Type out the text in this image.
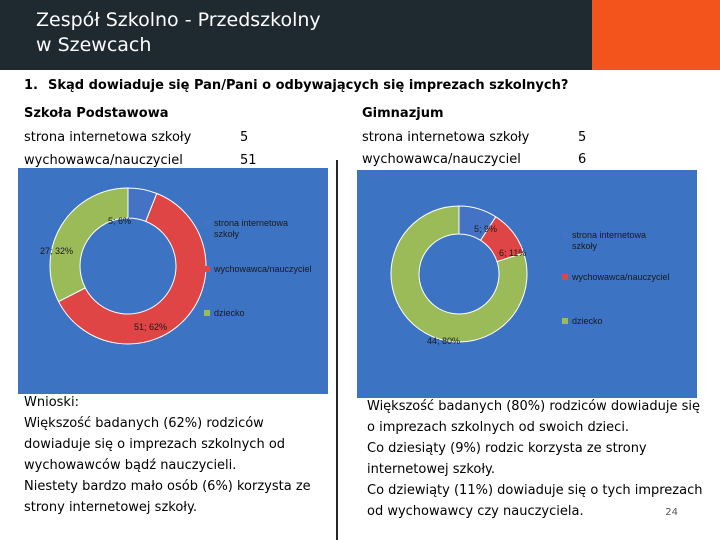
Zespół Szkolno - Przedszkolny
w Szewcach
1. Skąd dowiaduje się Pan/Pani o odbywających się imprezach szkolnych?
Szkoła Podstawowa
strona internetowa szkoły	5
wychowawca/nauczyciel	51
Gimnazjum
strona internetowa szkoły	5
wychowawca/nauczyciel	6
5; 6%
51; 62%
27; 32%
strona internetowa szkoły
wychowawca/nauczyciel
dziecko
5; 9%
6; 11%
44; 80%
strona internetowa szkoły
wychowawca/nauczyciel
dziecko

Wnioski:

Większość badanych (62%) rodziców dowiaduje się o imprezach szkolnych od wychowawców bądź nauczycieli.

Niestety bardzo mało osób (6%) korzysta ze strony internetowej szkoły.

Większość badanych (80%) rodziców dowiaduje się o imprezach szkolnych od swoich dzieci.

Co dziesiąty (9%) rodzic korzysta ze strony internetowej szkoły.

Co dziewiąty (11%) dowiaduje się o tych imprezach od wychowawcy czy nauczyciela.	24
